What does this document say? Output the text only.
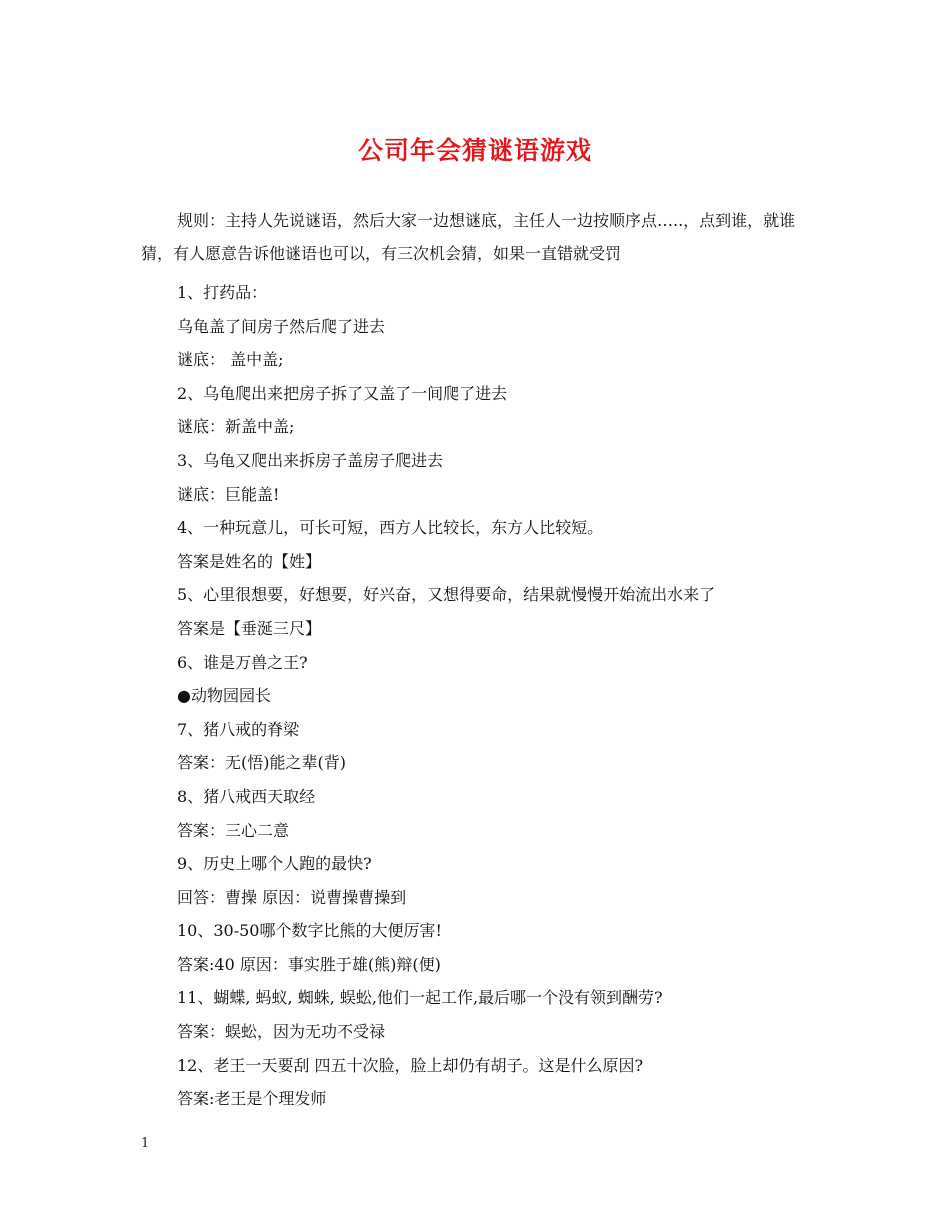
公司年会猜谜语游戏
规则：主持人先说谜语，然后大家一边想谜底，主任人一边按顺序点…..，点到谁，就谁猜，有人愿意告诉他谜语也可以，有三次机会猜，如果一直错就受罚
1、打药品：
乌龟盖了间房子然后爬了进去
谜底： 盖中盖;
2、乌龟爬出来把房子拆了又盖了一间爬了进去
谜底：新盖中盖;
3、乌龟又爬出来拆房子盖房子爬进去
谜底：巨能盖!
4、一种玩意儿，可长可短，西方人比较长，东方人比较短。
答案是姓名的【姓】
5、心里很想要，好想要，好兴奋，又想得要命，结果就慢慢开始流出水来了
答案是【垂涎三尺】
6、谁是万兽之王?
●动物园园长
7、猪八戒的脊梁
答案：无(悟)能之辈(背)
8、猪八戒西天取经
答案：三心二意
9、历史上哪个人跑的最快?
回答：曹操 原因：说曹操曹操到
10、30-50哪个数字比熊的大便厉害!
答案:40 原因：事实胜于雄(熊)辩(便)
11、蝴蝶, 蚂蚁, 蜘蛛, 蜈蚣,他们一起工作,最后哪一个没有领到酬劳?
答案：蜈蚣，因为无功不受禄
12、老王一天要刮 四五十次脸，脸上却仍有胡子。这是什么原因?
答案:老王是个理发师
1
